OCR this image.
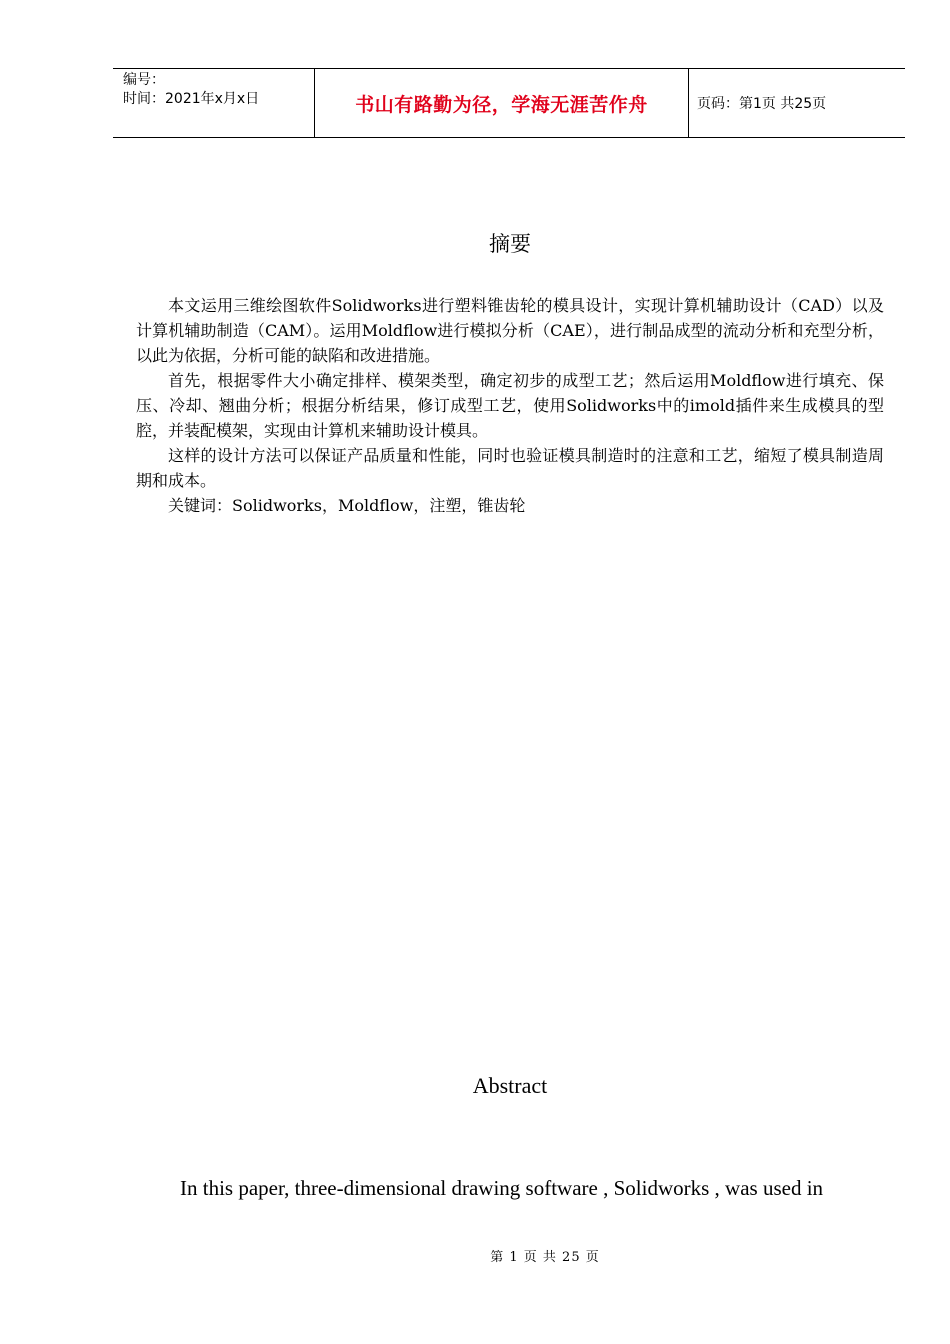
编号：
时间：2021年x月x日	书山有路勤为径，学海无涯苦作舟	页码：第1页 共25页
摘要

本文运用三维绘图软件Solidworks进行塑料锥齿轮的模具设计，实现计算机辅助设计（CAD）以及计算机辅助制造（CAM）。运用Moldflow进行模拟分析（CAE），进行制品成型的流动分析和充型分析，以此为依据，分析可能的缺陷和改进措施。

首先，根据零件大小确定排样、模架类型，确定初步的成型工艺；然后运用Moldflow进行填充、保压、冷却、翘曲分析；根据分析结果，修订成型工艺，使用Solidworks中的imold插件来生成模具的型腔，并装配模架，实现由计算机来辅助设计模具。

这样的设计方法可以保证产品质量和性能，同时也验证模具制造时的注意和工艺，缩短了模具制造周期和成本。

关键词：Solidworks，Moldflow，注塑，锥齿轮

Abstract

In this paper, three-dimensional drawing software , Solidworks , was used in

第 1 页 共 25 页
